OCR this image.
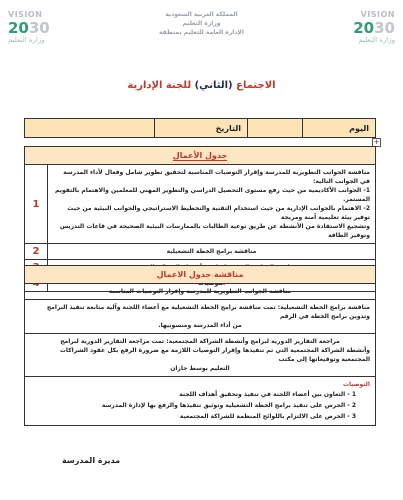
VISION
2030
وزارة التعليم
المملكة العربية السعودية
وزارة التعليم
الإدارة العامة للتعليم بمنطقة
VISION
2030
وزارة التعليم
الاجتماع (الثاني) للجنة الإدارية
اليوم
التاريخ
+
جدول الأعمال
مناقشة الجوانب التطويرية للمدرسة وإقرار التوصيات المناسبة لتحقيق تطوير شامل وفعال لأداء المدرسة في الجوانب التالية:
1- الجوانب الأكاديمية من حيث رفع مستوى التحصيل الدراسي والتطوير المهني للمعلمين والاهتمام بالتقويم المستمر.
2- الاهتمام بالجوانب الإدارية من حيث استخدام التقنية والتخطيط الاستراتيجي والجوانب البيئية من حيث توفير بيئة تعليمية آمنة ومريحة
وتشجيع الاستفادة من الأنشطة عن طريق توعية الطالبات بالممارسات البيئية الصحيحة في قاعات التدريس وتوفير الطاقة
1
مناقشة برامج الخطة التشغيلية
2
مناقشة جدول الاعمال
مناقشة الجوانب التطويرية للمدرسة وإقرار التوصيات المناسبة
مناقشة برامج الخطة التشغيلية: تمت مناقشة برامج الخطة التشغيلية مع أعضاء اللجنة وآلية متابعة تنفيذ البرامج وتدوين برامج الخطة في الرقم
من أداء المدرسة ومنسوبيها.
مراجعة التقارير الدورية لبرامج وأنشطة الشراكة المجتمعية: تمت مراجعة التقارير الدورية لبرامج
وأنشطة الشراكة المجتمعية التي تم تنفيذها وإقرار التوصيات اللازمة مع ضرورة الرفع بكل عقود الشراكات المجتمعية وتوقيعاتها إلى مكتب
التعليم بوسط جازان
التوصيات
1 - التعاون بين أعضاء اللجنة في تنفيذ وتحقيق أهداف اللجنة
2 - الحرص على تنفيذ برامج الخطة التشغيلية وتوثيق تنفيذها والرفع بها لإدارة المدرسة
3 - الحرص على الالتزام باللوائح المنظمة للشراكة المجتمعية
مديرة المدرسة
